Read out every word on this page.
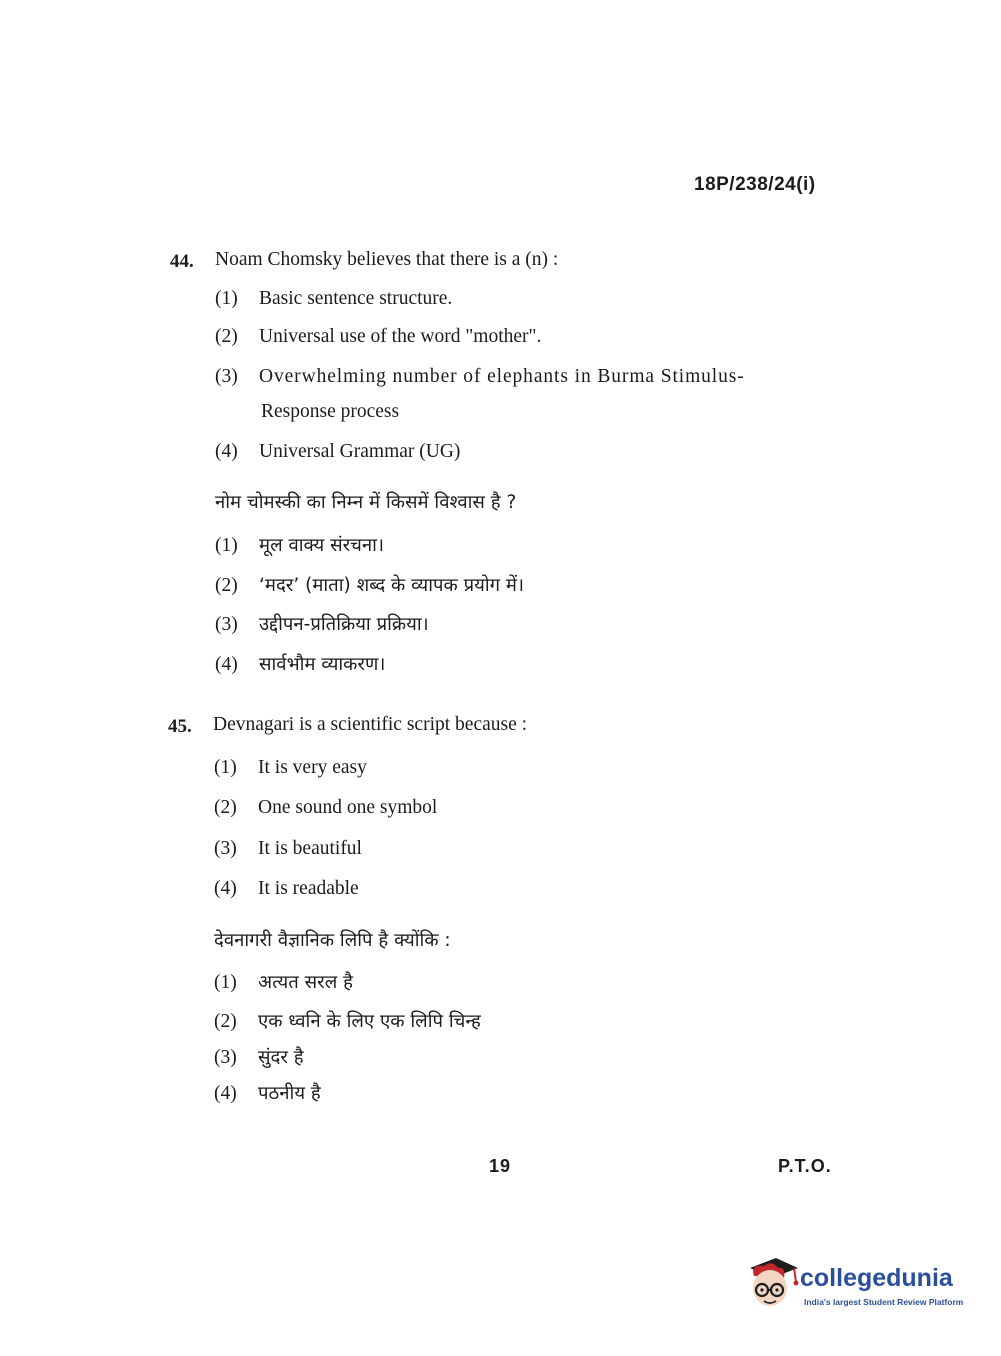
18P/238/24(i)
44. Noam Chomsky believes that there is a (n) :
(1) Basic sentence structure.
(2) Universal use of the word "mother".
(3) Overwhelming number of elephants in Burma Stimulus-
Response process
(4) Universal Grammar (UG)
नोम चोमस्की का निम्न में किसमें विश्वास है ?
(1) मूल वाक्य संरचना।
(2) ‘मदर’ (माता) शब्द के व्यापक प्रयोग में।
(3) उद्दीपन-प्रतिक्रिया प्रक्रिया।
(4) सार्वभौम व्याकरण।
45. Devnagari is a scientific script because :
(1) It is very easy
(2) One sound one symbol
(3) It is beautiful
(4) It is readable
देवनागरी वैज्ञानिक लिपि है क्योंकि :
(1) अत्यत सरल है
(2) एक ध्वनि के लिए एक लिपि चिन्ह
(3) सुंदर है
(4) पठनीय है
19	P.T.O.
collegedunia
India's largest Student Review Platform
